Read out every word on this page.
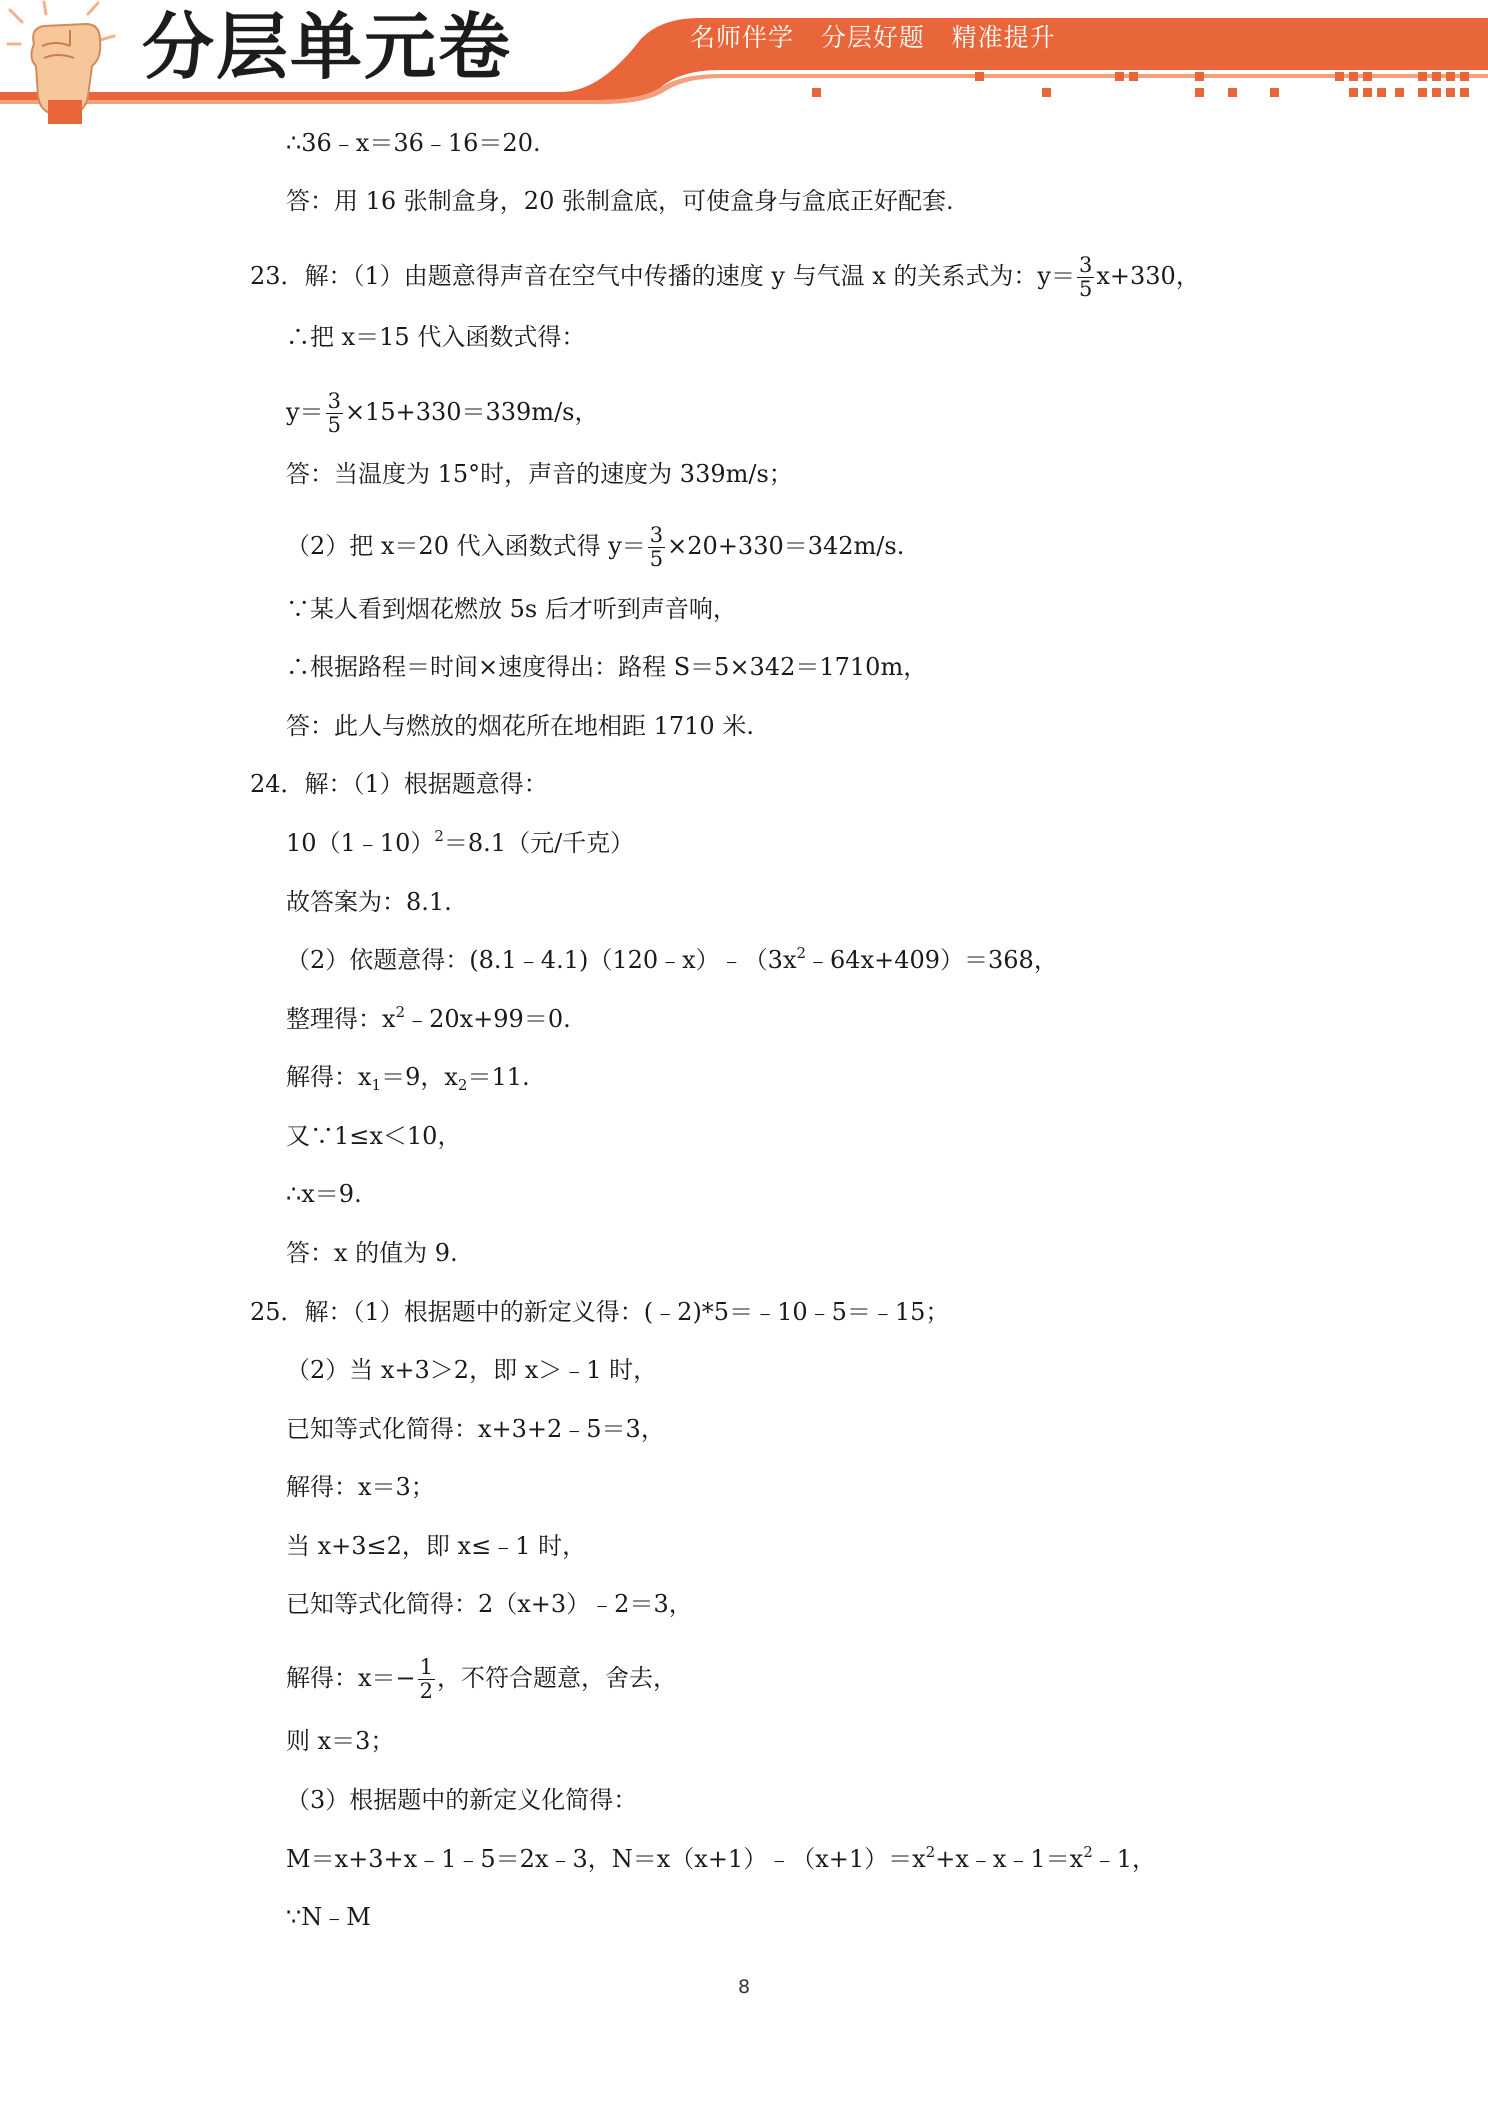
分层单元卷	名师伴学   分层好题   精准提升
∴36﹣x＝36﹣16＝20.
答：用 16 张制盒身，20 张制盒底，可使盒身与盒底正好配套.
23．解：（1）由题意得声音在空气中传播的速度 y 与气温 x 的关系式为：$y= \frac{3}{5} x+330$，
∴把 x＝15 代入函数式得：
$y= \frac{3}{5} \times 15+330=339m/s$，
答：当温度为 15°时，声音的速度为 339m/s；
（2）把 x＝20 代入函数式得 $y= \frac{3}{5} \times 20+330=342m/s$.
∵某人看到烟花燃放 5s 后才听到声音响，
∴根据路程＝时间×速度得出：路程 S＝5×342＝1710m，
答：此人与燃放的烟花所在地相距 1710 米.
24．解：（1）根据题意得：
10（1﹣10）$^2$＝8.1（元/千克）
故答案为：8.1.
（2）依题意得：$(8.1﹣4.1)(120﹣x)﹣(3x^2﹣64x+409)=368$，
整理得：$x^2﹣20x+99=0$.
解得：$x_1=9$，$x_2=11$.
又∵1≤x＜10，
∴x＝9.
答：x 的值为 9.
25．解：（1）根据题中的新定义得：(﹣2)*5＝﹣10﹣5＝﹣15；
（2）当 x+3＞2，即 x＞﹣1 时，
已知等式化简得：x+3+2﹣5＝3，
解得：x＝3；
当 x+3≤2，即 x≤﹣1 时，
已知等式化简得：2（x+3）﹣2＝3，
解得：$x=- \frac{1}{2}$ ，不符合题意，舍去，
则 x＝3；
（3）根据题中的新定义化简得：
M＝x+3+x﹣1﹣5＝2x﹣3，$N=x(x+1)﹣(x+1)=x^2+x﹣x﹣1=x^2﹣1$，
∵N﹣M
8
